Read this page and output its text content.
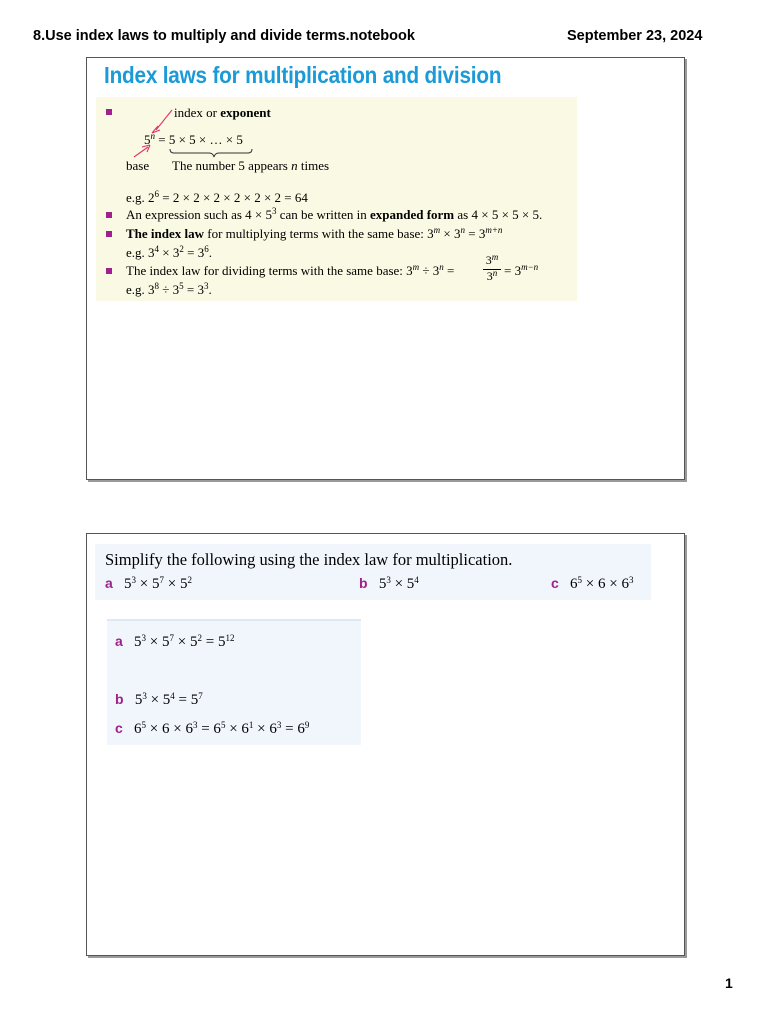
8.Use index laws to multiply and divide terms.notebook	September 23, 2024
Index laws for multiplication and division
index or exponent
$5^n = 5 \times 5$ × … × 5
base The number 5 appears n times
e.g. $2^6 = 2 \times 2 \times 2 \times 2 \times 2 \times 2 = 64$
An expression such as $4 \times 5^3$ can be written in expanded form as 4 × 5 × 5 × 5.
The index law for multiplying terms with the same base: $3^m \times 3^n = 3^{m+n}$
e.g. $3^4 \times 3^2 = 3^6$.
The index law for dividing terms with the same base: $3^m \div 3^n$ =
$3^m$
$3^n = 3^{m-n}$
e.g. $3^8 \div 3^5 = 3^3$.
Simplify the following using the index law for multiplication.
a   $5^3 \times 5^7 \times 5^2$	b   $5^3 \times 5^4$	c   $6^5 \times 6 \times 6^3$
a   $5^3 \times 5^7 \times 5^2 = 5^{12}$
b   $5^3 \times 5^4 = 5^7$
c   $6^5 \times 6 \times 6^3 = 6^5 \times 6^1 \times 6^3 = 6^9$
1
